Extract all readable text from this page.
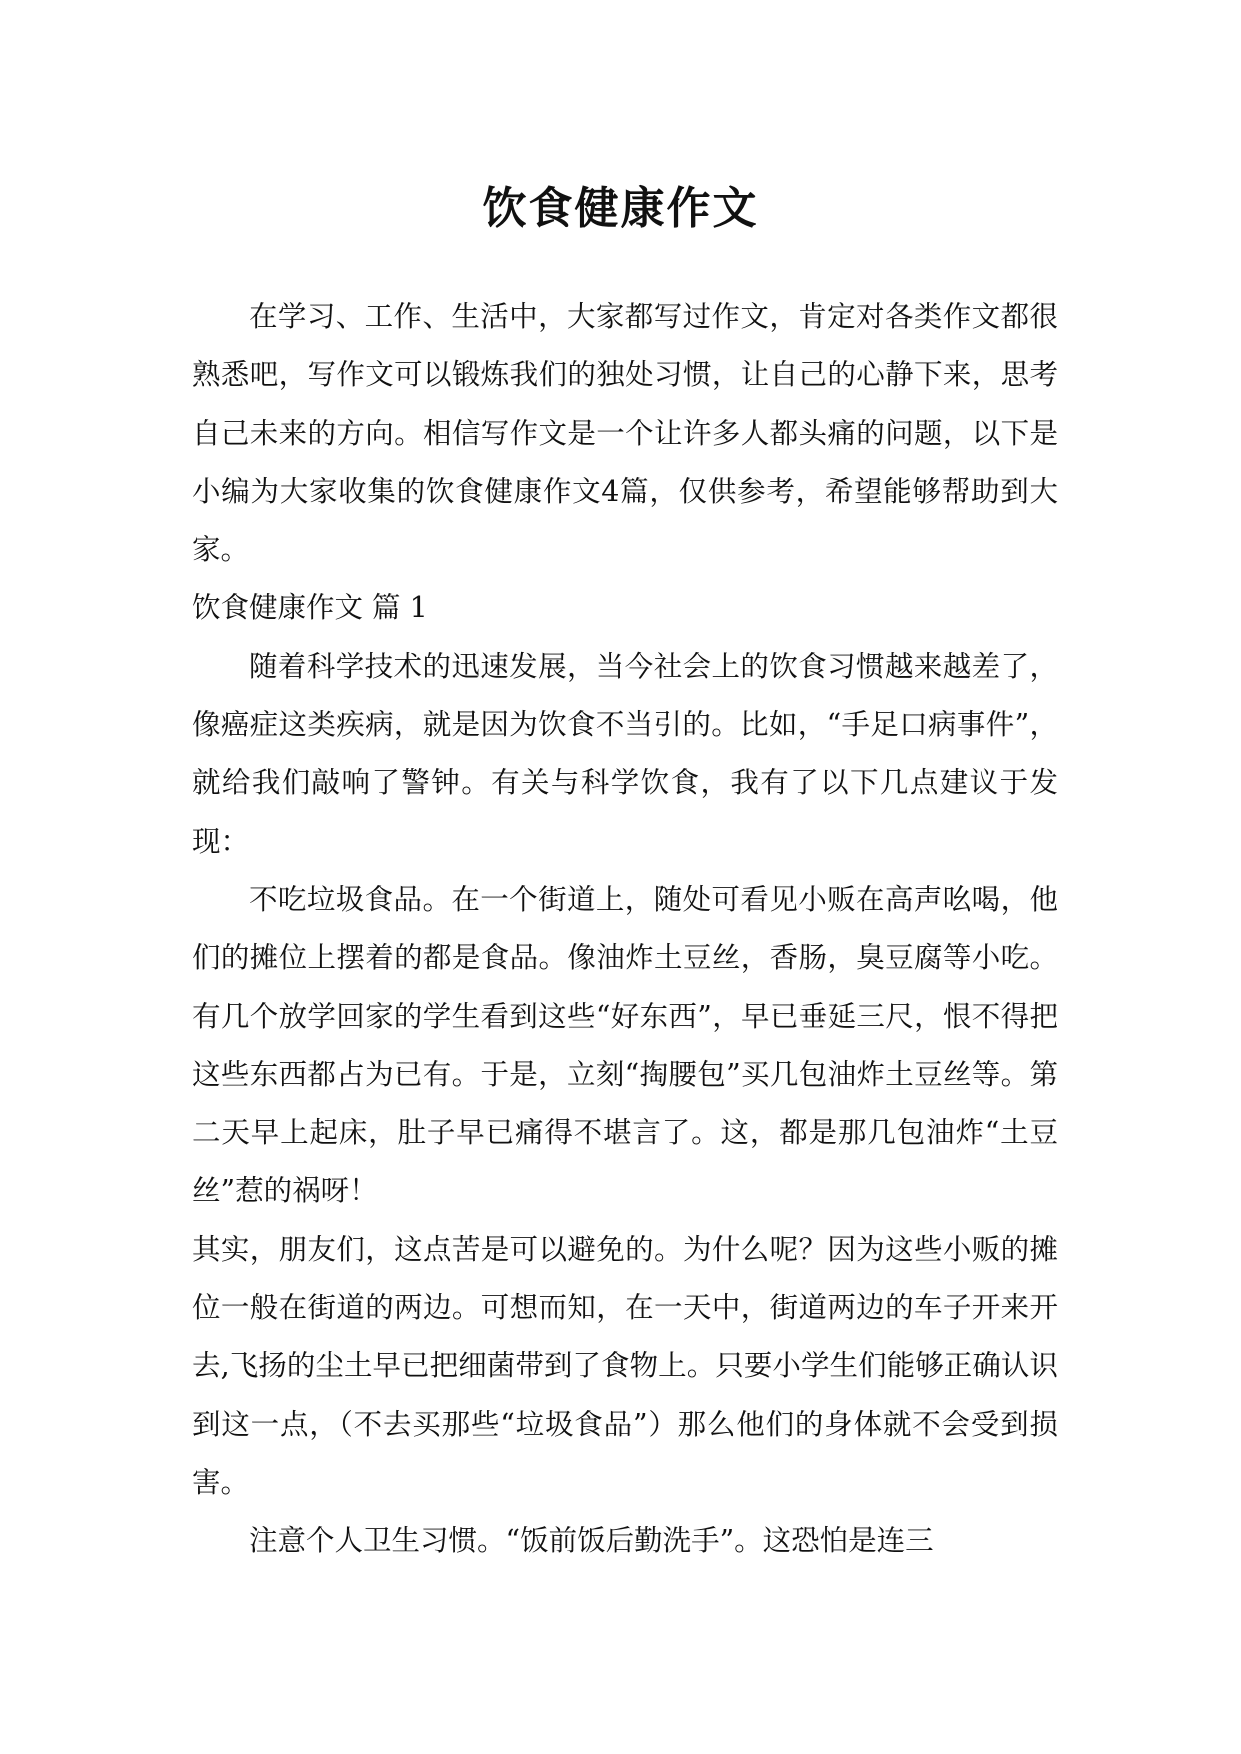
饮食健康作文

在学习、工作、生活中，大家都写过作文，肯定对各类作文都很熟悉吧，写作文可以锻炼我们的独处习惯，让自己的心静下来，思考自己未来的方向。相信写作文是一个让许多人都头痛的问题，以下是小编为大家收集的饮食健康作文4篇，仅供参考，希望能够帮助到大家。

饮食健康作文 篇 1

随着科学技术的迅速发展，当今社会上的饮食习惯越来越差了，像癌症这类疾病，就是因为饮食不当引的。比如，“手足口病事件”，就给我们敲响了警钟。有关与科学饮食，我有了以下几点建议于发现：

不吃垃圾食品。在一个街道上，随处可看见小贩在高声吆喝，他们的摊位上摆着的都是食品。像油炸土豆丝，香肠，臭豆腐等小吃。有几个放学回家的学生看到这些“好东西”，早已垂延三尺，恨不得把这些东西都占为已有。于是，立刻“掏腰包”买几包油炸土豆丝等。第二天早上起床，肚子早已痛得不堪言了。这，都是那几包油炸“土豆丝”惹的祸呀！

其实，朋友们，这点苦是可以避免的。为什么呢？因为这些小贩的摊位一般在街道的两边。可想而知，在一天中，街道两边的车子开来开去,飞扬的尘土早已把细菌带到了食物上。只要小学生们能够正确认识到这一点，（不去买那些“垃圾食品”）那么他们的身体就不会受到损害。

注意个人卫生习惯。“饭前饭后勤洗手”。这恐怕是连三
